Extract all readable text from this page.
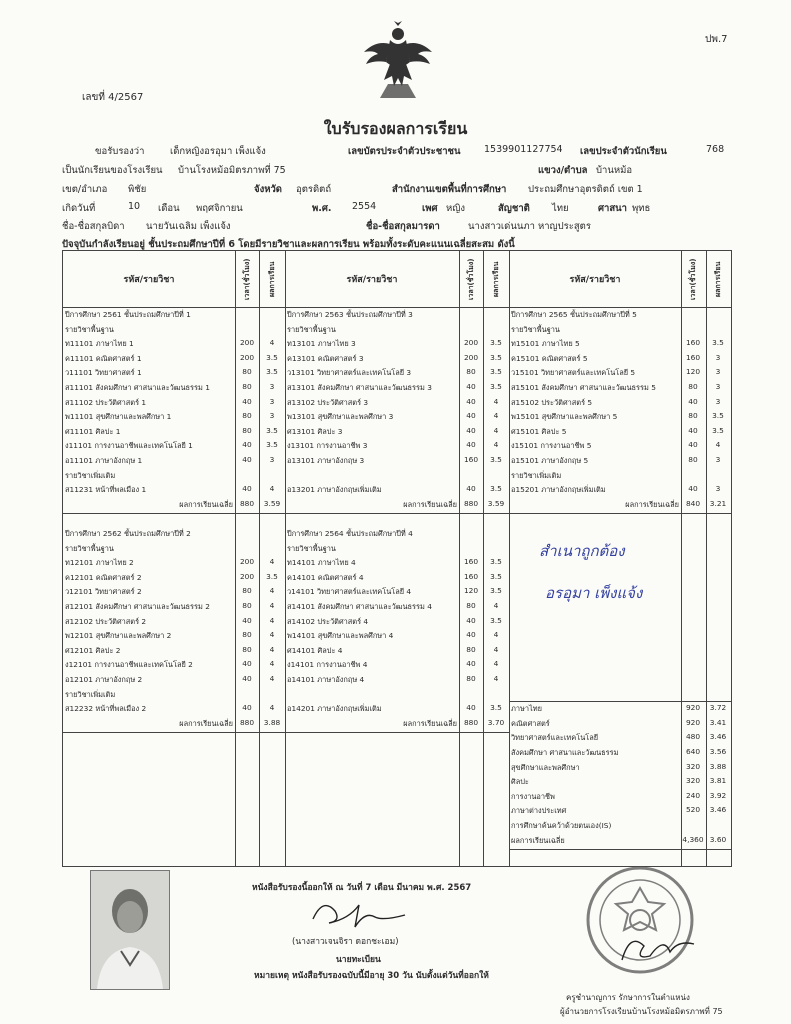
ปพ.7
เลขที่ 4/2567
ใบรับรองผลการเรียน
ขอรับรองว่า	เด็กหญิงอรอุมา เพ็งแจ้ง	เลขบัตรประจำตัวประชาชน 1539901127754 เลขประจำตัวนักเรียน	768
เป็นนักเรียนของโรงเรียน บ้านโรงหม้อมิตรภาพที่ 75	แขวง/ตำบล บ้านหม้อ
เขต/อำเภอ พิชัย	จังหวัด อุตรดิตถ์	สำนักงานเขตพื้นที่การศึกษา ประถมศึกษาอุตรดิตถ์ เขต 1
เกิดวันที่	10 เดือน พฤศจิกายน	พ.ศ. 2554	เพศ หญิง	สัญชาติ ไทย	ศาสนา พุทธ
ชื่อ-ชื่อสกุลบิดา นายวันเฉลิม เพ็งแจ้ง	ชื่อ-ชื่อสกุลมารดา	นางสาวเด่นนภา หาญประสูตร
ปัจจุบันกำลังเรียนอยู่ ชั้นประถมศึกษาปีที่ 6 โดยมีรายวิชาและผลการเรียน พร้อมทั้งระดับคะแนนเฉลี่ยสะสม ดังนี้
รหัส/รายวิชา	เวลา(ชั่วโมง) ผลการเรียน	รหัส/รายวิชา	เวลา(ชั่วโมง) ผลการเรียน	รหัส/รายวิชา	เวลา(ชั่วโมง) ผลการเรียน
ปีการศึกษา 2561 ชั้นประถมศึกษาปีที่ 1
รายวิชาพื้นฐาน
ท11101 ภาษาไทย 1	200	4
ค11101 คณิตศาสตร์ 1	200	3.5
ว11101 วิทยาศาสตร์ 1	80	3.5
ส11101 สังคมศึกษา ศาสนาและวัฒนธรรม 1	80	3
ส11102 ประวัติศาสตร์ 1	40	3
พ11101 สุขศึกษาและพลศึกษา 1	80	3
ศ11101 ศิลปะ 1	80	3.5
ง11101 การงานอาชีพและเทคโนโลยี 1	40	3.5
อ11101 ภาษาอังกฤษ 1	40	3
รายวิชาเพิ่มเติม
ส11231 หน้าที่พลเมือง 1	40	4
ผลการเรียนเฉลี่ย 880	3.59
ปีการศึกษา 2562 ชั้นประถมศึกษาปีที่ 2
รายวิชาพื้นฐาน
ท12101 ภาษาไทย 2	200	4
ค12101 คณิตศาสตร์ 2	200	3.5
ว12101 วิทยาศาสตร์ 2	80	4
ส12101 สังคมศึกษา ศาสนาและวัฒนธรรม 2	80	4
ส12102 ประวัติศาสตร์ 2	40	4
พ12101 สุขศึกษาและพลศึกษา 2	80	4
ศ12101 ศิลปะ 2	80	4
ง12101 การงานอาชีพและเทคโนโลยี 2	40	4
อ12101 ภาษาอังกฤษ 2	40	4
รายวิชาเพิ่มเติม
ส12232 หน้าที่พลเมือง 2	40	4
ผลการเรียนเฉลี่ย 880	3.88
ปีการศึกษา 2563 ชั้นประถมศึกษาปีที่ 3
รายวิชาพื้นฐาน
ท13101 ภาษาไทย 3	200	3.5
ค13101 คณิตศาสตร์ 3	200	3.5
ว13101 วิทยาศาสตร์และเทคโนโลยี 3	80	3.5
ส13101 สังคมศึกษา ศาสนาและวัฒนธรรม 3	40	3.5
ส13102 ประวัติศาสตร์ 3	40	4
พ13101 สุขศึกษาและพลศึกษา 3	40	4
ศ13101 ศิลปะ 3	40	4
ง13101 การงานอาชีพ 3	40	4
อ13101 ภาษาอังกฤษ 3	160	3.5
อ13201 ภาษาอังกฤษเพิ่มเติม	40	3.5
ผลการเรียนเฉลี่ย 880	3.59
ปีการศึกษา 2564 ชั้นประถมศึกษาปีที่ 4
รายวิชาพื้นฐาน
ท14101 ภาษาไทย 4	160	3.5
ค14101 คณิตศาสตร์ 4	160	3.5
ว14101 วิทยาศาสตร์และเทคโนโลยี 4	120	3.5
ส14101 สังคมศึกษา ศาสนาและวัฒนธรรม 4	80	4
ส14102 ประวัติศาสตร์ 4	40	3.5
พ14101 สุขศึกษาและพลศึกษา 4	40	4
ศ14101 ศิลปะ 4	80	4
ง14101 การงานอาชีพ 4	40	4
อ14101 ภาษาอังกฤษ 4	80	4
อ14201 ภาษาอังกฤษเพิ่มเติม	40	3.5
ผลการเรียนเฉลี่ย 880	3.70
ปีการศึกษา 2565 ชั้นประถมศึกษาปีที่ 5
รายวิชาพื้นฐาน
ท15101 ภาษาไทย 5	160	3.5
ค15101 คณิตศาสตร์ 5	160	3
ว15101 วิทยาศาสตร์และเทคโนโลยี 5	120	3
ส15101 สังคมศึกษา ศาสนาและวัฒนธรรม 5	80	3
ส15102 ประวัติศาสตร์ 5	40	3
พ15101 สุขศึกษาและพลศึกษา 5	80	3.5
ศ15101 ศิลปะ 5	40	3.5
ง15101 การงานอาชีพ 5	40	4
อ15101 ภาษาอังกฤษ 5	80	3
รายวิชาเพิ่มเติม
อ15201 ภาษาอังกฤษเพิ่มเติม	40	3
ผลการเรียนเฉลี่ย 840	3.21
ภาษาไทย	920	3.72
คณิตศาสตร์	920	3.41
วิทยาศาสตร์และเทคโนโลยี	480	3.46
สังคมศึกษา ศาสนาและวัฒนธรรม	640	3.56
สุขศึกษาและพลศึกษา	320	3.88
ศิลปะ	320	3.81
การงานอาชีพ	240	3.92
ภาษาต่างประเทศ	520	3.46
การศึกษาค้นคว้าด้วยตนเอง(IS)
ผลการเรียนเฉลี่ย	4,360 3.60
สำเนาถูกต้อง
อรอุมา เพ็งแจ้ง
หนังสือรับรองนี้ออกให้ ณ วันที่ 7 เดือน มีนาคม พ.ศ. 2567
(นางสาวเจนจิรา ดอกชะเอม)
นายทะเบียน
หมายเหตุ หนังสือรับรองฉบับนี้มีอายุ 30 วัน นับตั้งแต่วันที่ออกให้
ครูชำนาญการ รักษาการในตำแหน่ง
ผู้อำนวยการโรงเรียนบ้านโรงหม้อมิตรภาพที่ 75
